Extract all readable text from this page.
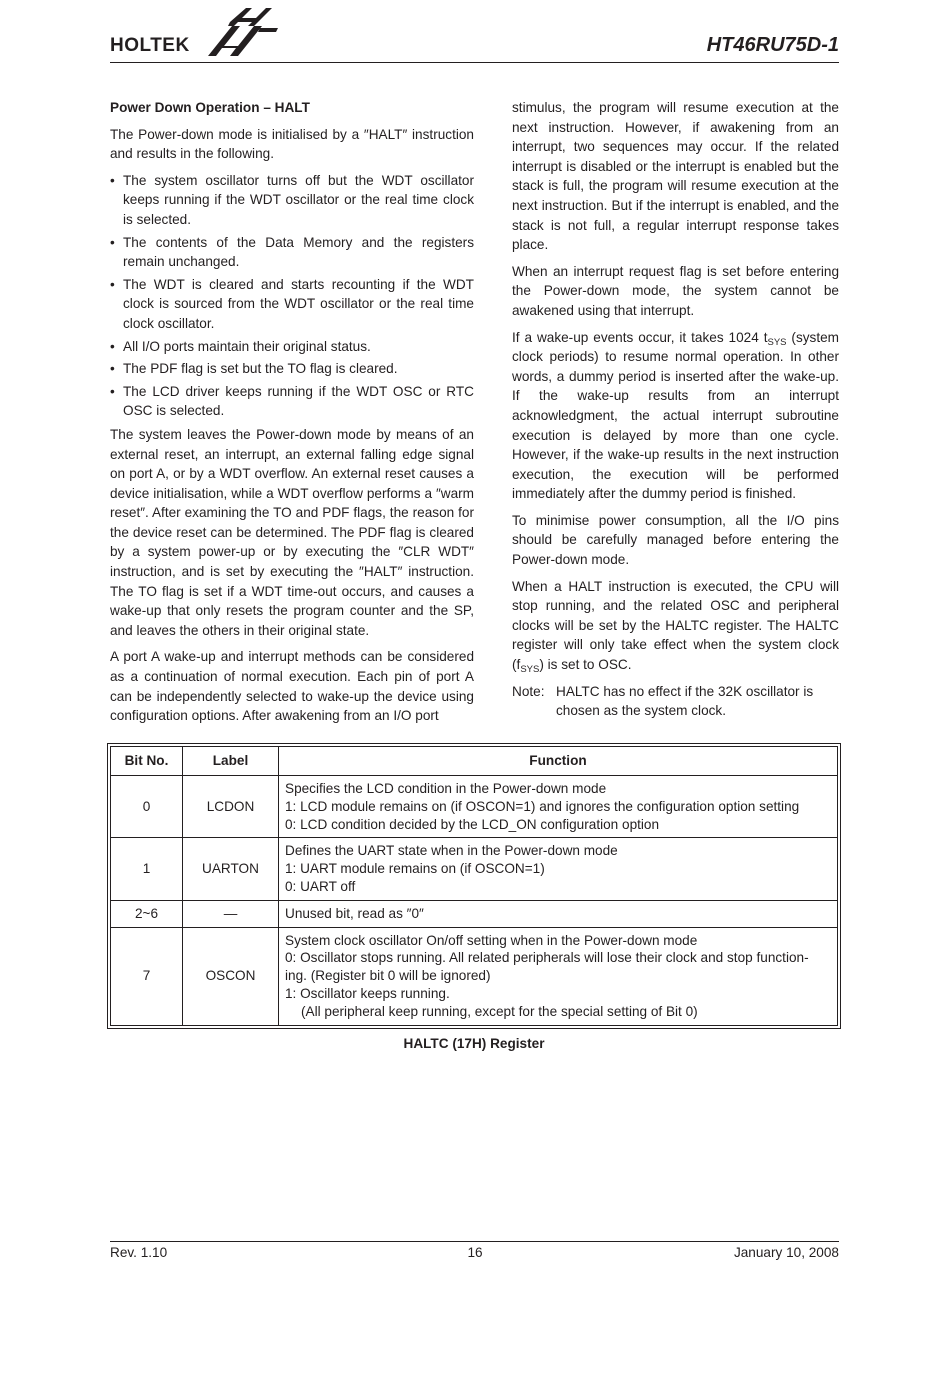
HOLTEK	HT46RU75D-1

Power Down Operation – HALT

The Power-down mode is initialised by a ″HALT″ instruction and results in the following.

• The system oscillator turns off but the WDT oscillator keeps running if the WDT oscillator or the real time clock is selected.
• The contents of the Data Memory and the registers remain unchanged.
• The WDT is cleared and starts recounting if the WDT clock is sourced from the WDT oscillator or the real time clock oscillator.
• All I/O ports maintain their original status.
• The PDF flag is set but the TO flag is cleared.
• The LCD driver keeps running if the WDT OSC or RTC OSC is selected.

The system leaves the Power-down mode by means of an external reset, an interrupt, an external falling edge signal on port A, or by a WDT overflow. An external reset causes a device initialisation, while a WDT overflow performs a ″warm reset″. After examining the TO and PDF flags, the reason for the device reset can be determined. The PDF flag is cleared by a system power-up or by executing the ″CLR WDT″ instruction, and is set by executing the ″HALT″ instruction. The TO flag is set if a WDT time-out occurs, and causes a wake-up that only resets the program counter and the SP, and leaves the others in their original state.

A port A wake-up and interrupt methods can be considered as a continuation of normal execution. Each pin of port A can be independently selected to wake-up the device using configuration options. After awakening from an I/O port

stimulus, the program will resume execution at the next instruction. However, if awakening from an interrupt, two sequences may occur. If the related interrupt is disabled or the interrupt is enabled but the stack is full, the program will resume execution at the next instruction. But if the interrupt is enabled, and the stack is not full, a regular interrupt response takes place.

When an interrupt request flag is set before entering the Power-down mode, the system cannot be awakened using that interrupt.

If a wake-up events occur, it takes 1024 $t_{SYS}$ (system clock periods) to resume normal operation. In other words, a dummy period is inserted after the wake-up. If the wake-up results from an interrupt acknowledgment, the actual interrupt subroutine execution is delayed by more than one cycle. However, if the wake-up results in the next instruction execution, the execution will be performed immediately after the dummy period is finished.

To minimise power consumption, all the I/O pins should be carefully managed before entering the Power-down mode.

When a HALT instruction is executed, the CPU will stop running, and the related OSC and peripheral clocks will be set by the HALTC register. The HALTC register will only take effect when the system clock $(f_{SYS})$ is set to OSC.

Note: HALTC has no effect if the 32K oscillator is chosen as the system clock.
Bit No.	Label	Function
0	LCDON	Specifies the LCD condition in the Power-down mode
1: LCD module remains on (if OSCON=1) and ignores the configuration option setting
0: LCD condition decided by the LCD_ON configuration option

1	UARTON	Defines the UART state when in the Power-down mode
1: UART module remains on (if OSCON=1)
0: UART off

2~6	—	Unused bit, read as ″0″

7	OSCON	System clock oscillator On/off setting when in the Power-down mode
0: Oscillator stops running. All related peripherals will lose their clock and stop function-
ing. (Register bit 0 will be ignored)
1: Oscillator keeps running.
(All peripheral keep running, except for the special setting of Bit 0)
HALTC (17H) Register
Rev. 1.10	16	January 10, 2008
